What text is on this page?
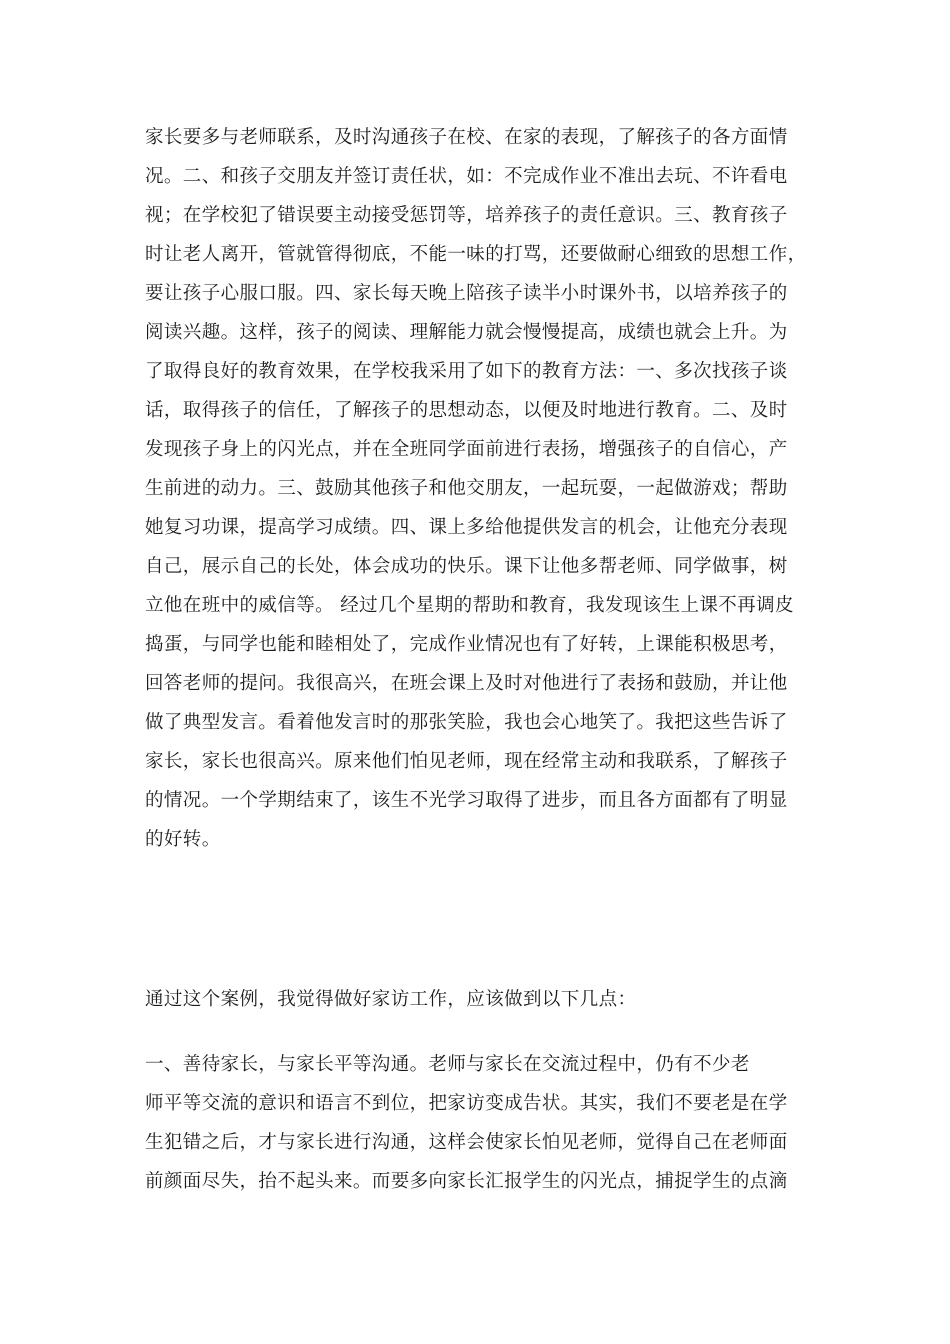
家长要多与老师联系，及时沟通孩子在校、在家的表现，了解孩子的各方面情
况。二、和孩子交朋友并签订责任状，如：不完成作业不准出去玩、不许看电
视；在学校犯了错误要主动接受惩罚等，培养孩子的责任意识。三、教育孩子
时让老人离开，管就管得彻底，不能一味的打骂，还要做耐心细致的思想工作，
要让孩子心服口服。四、家长每天晚上陪孩子读半小时课外书，以培养孩子的
阅读兴趣。这样，孩子的阅读、理解能力就会慢慢提高，成绩也就会上升。为
了取得良好的教育效果，在学校我采用了如下的教育方法：一、多次找孩子谈
话，取得孩子的信任，了解孩子的思想动态，以便及时地进行教育。二、及时
发现孩子身上的闪光点，并在全班同学面前进行表扬，增强孩子的自信心，产
生前进的动力。三、鼓励其他孩子和他交朋友，一起玩耍，一起做游戏；帮助
她复习功课，提高学习成绩。四、课上多给他提供发言的机会，让他充分表现
自己，展示自己的长处，体会成功的快乐。课下让他多帮老师、同学做事，树
立他在班中的威信等。 经过几个星期的帮助和教育，我发现该生上课不再调皮
捣蛋，与同学也能和睦相处了，完成作业情况也有了好转，上课能积极思考，
回答老师的提问。我很高兴，在班会课上及时对他进行了表扬和鼓励，并让他
做了典型发言。看着他发言时的那张笑脸，我也会心地笑了。我把这些告诉了
家长，家长也很高兴。原来他们怕见老师，现在经常主动和我联系，了解孩子
的情况。一个学期结束了，该生不光学习取得了进步，而且各方面都有了明显
的好转。
通过这个案例，我觉得做好家访工作，应该做到以下几点：
一、善待家长，与家长平等沟通。老师与家长在交流过程中，仍有不少老
师平等交流的意识和语言不到位，把家访变成告状。其实，我们不要老是在学
生犯错之后，才与家长进行沟通，这样会使家长怕见老师，觉得自己在老师面
前颜面尽失，抬不起头来。而要多向家长汇报学生的闪光点，捕捉学生的点滴
